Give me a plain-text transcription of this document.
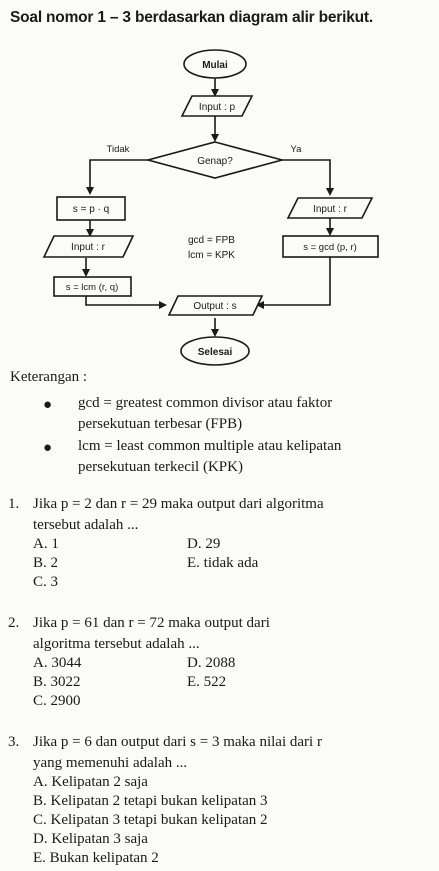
Soal nomor 1 – 3 berdasarkan diagram alir berikut.
Mulai
Input : p
Genap?
Tidak	Ya
s = p · q	Input : r
Input : r
gcd = FPB
lcm = KPK
s = gcd (p, r)
s = lcm (r, q)
Output : s
Selesai
Keterangan :
● gcd = greatest common divisor atau faktor
persekutuan terbesar (FPB)
● lcm = least common multiple atau kelipatan
persekutuan terkecil (KPK)
1. Jika p = 2 dan r = 29 maka output dari algoritma
tersebut adalah ...
A. 1
B. 2
C. 3
D. 29
E. tidak ada
2. Jika p = 61 dan r = 72 maka output dari
algoritma tersebut adalah ...
A. 3044
B. 3022
C. 2900
D. 2088
E. 522
3. Jika p = 6 dan output dari s = 3 maka nilai dari r
yang memenuhi adalah ...
A. Kelipatan 2 saja
B. Kelipatan 2 tetapi bukan kelipatan 3
C. Kelipatan 3 tetapi bukan kelipatan 2
D. Kelipatan 3 saja
E. Bukan kelipatan 2
